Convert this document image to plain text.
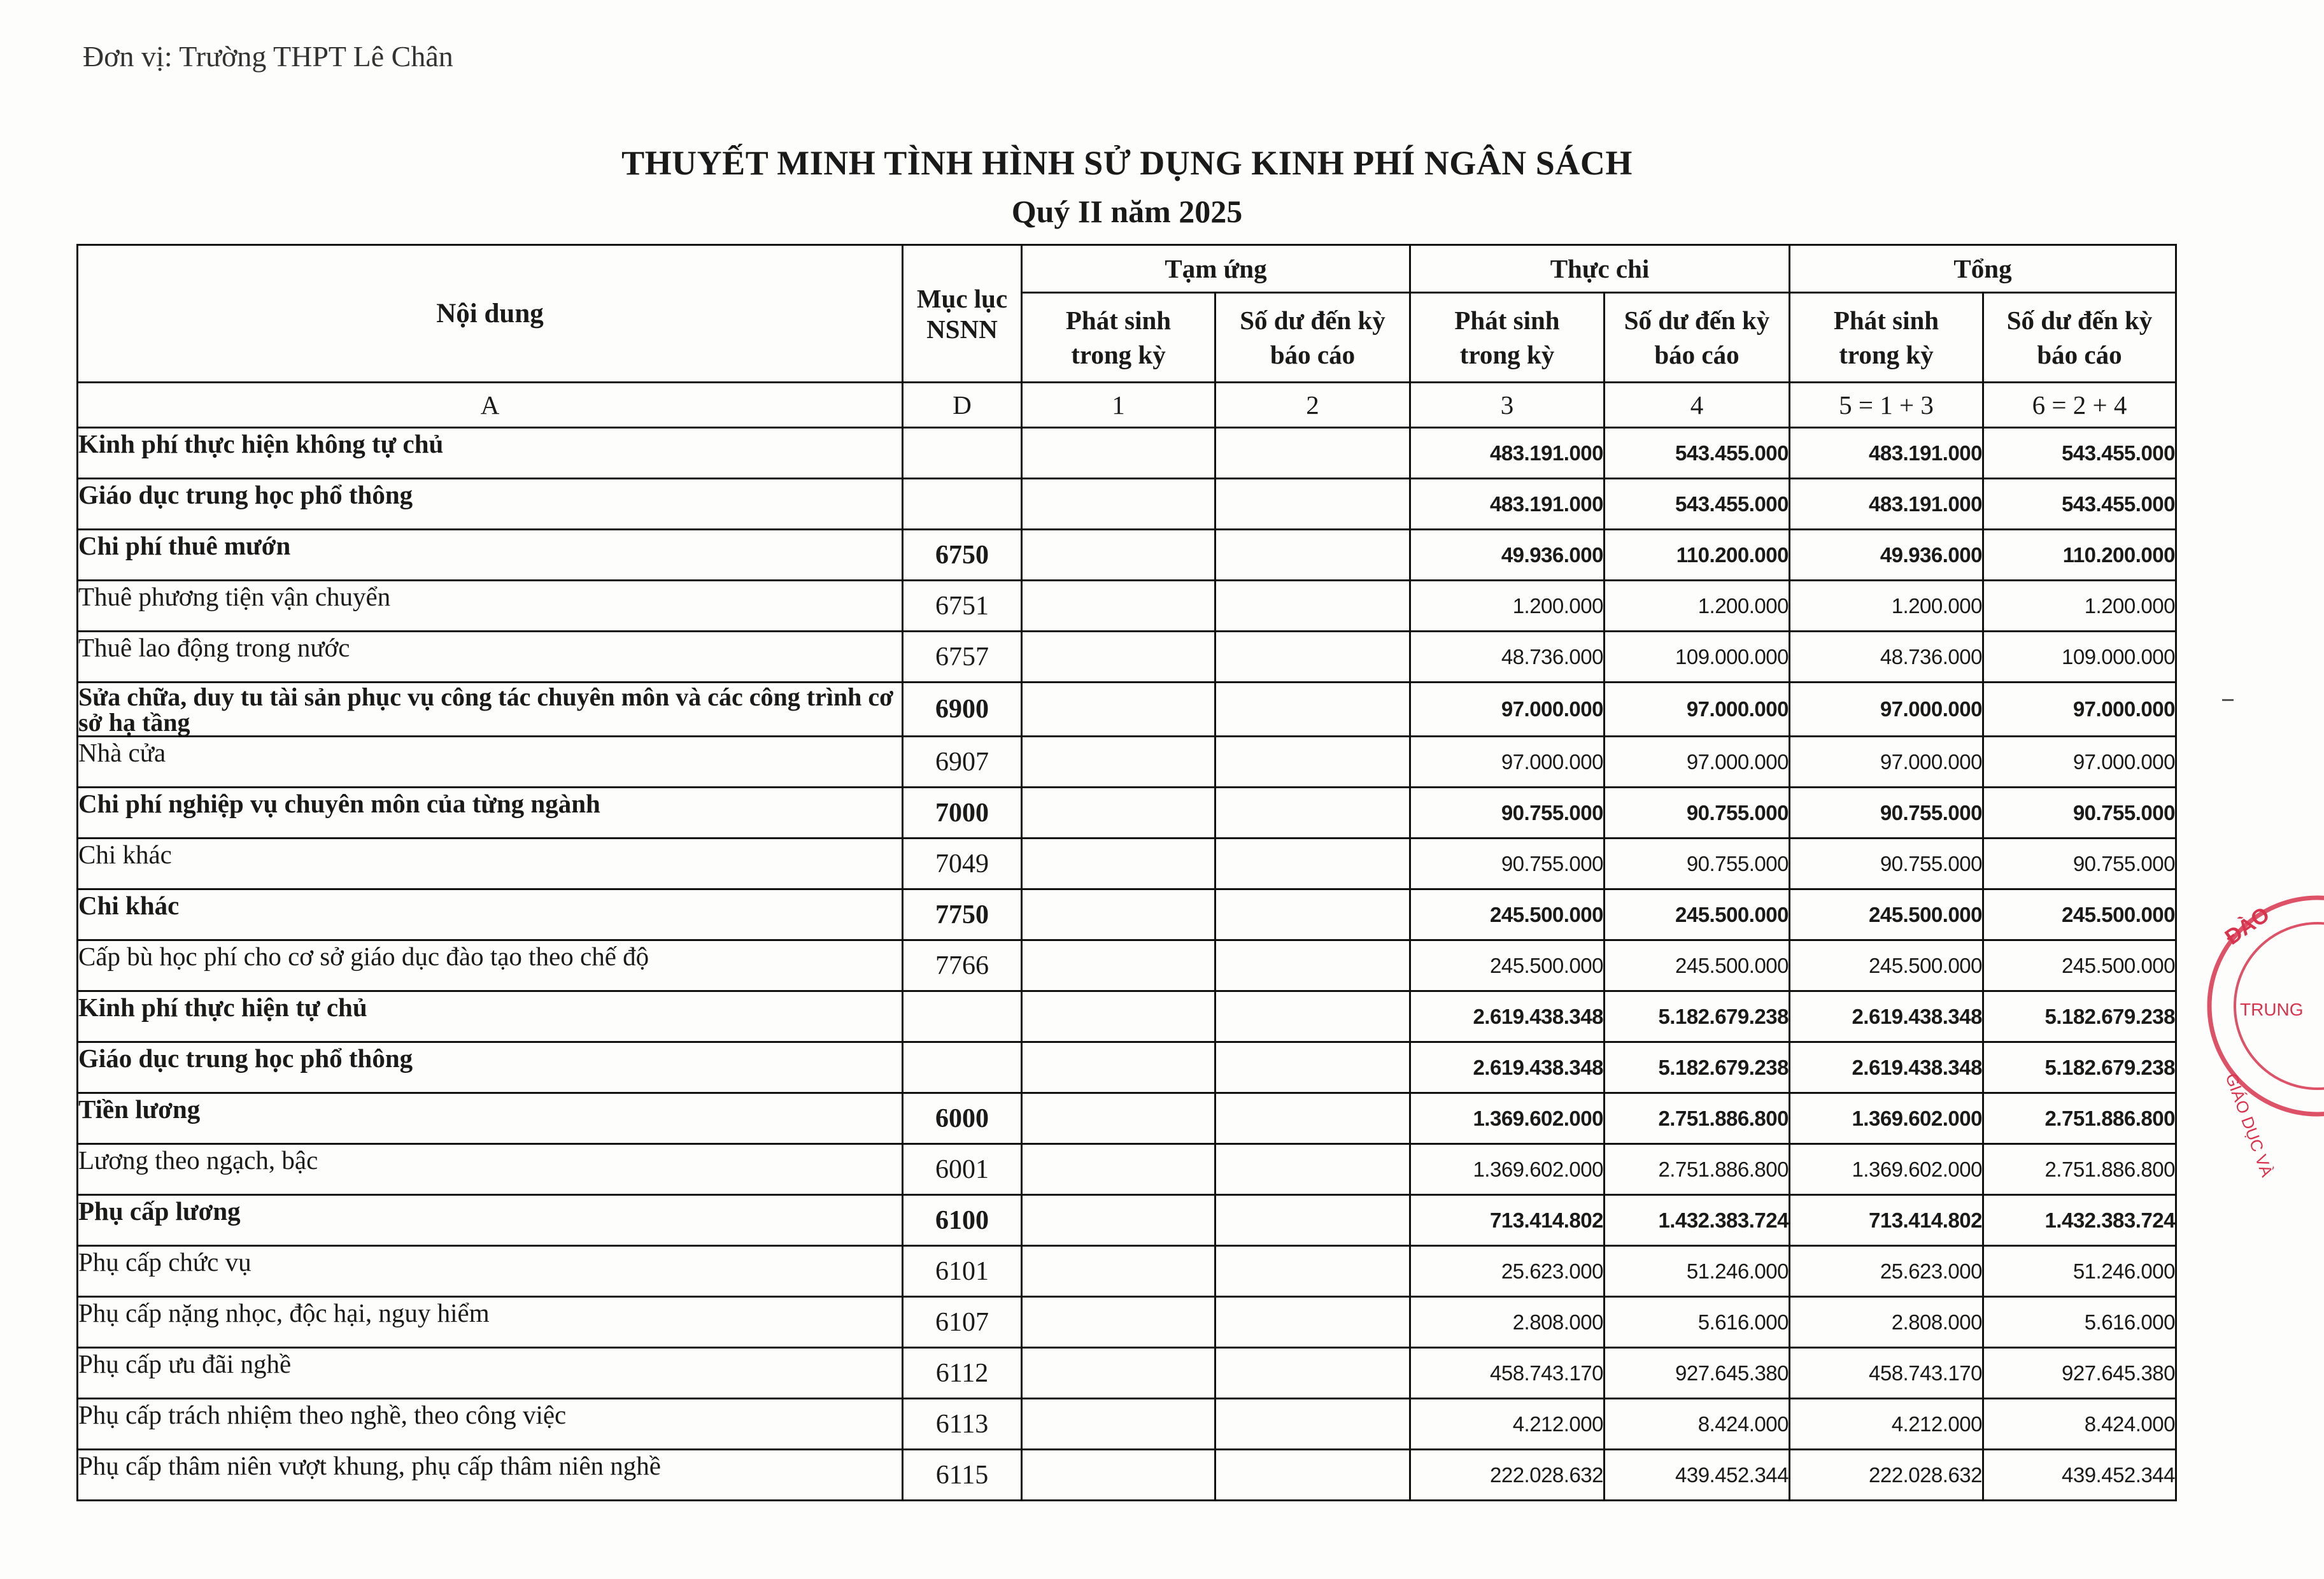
Đơn vị: Trường THPT Lê Chân
THUYẾT MINH TÌNH HÌNH SỬ DỤNG KINH PHÍ NGÂN SÁCH
Quý II năm 2025
Nội dung	Mục lục NSNN	Tạm ứng		Thực chi		Tổng	
		Phát sinh trong kỳ	Số dư đến kỳ báo cáo	Phát sinh trong kỳ	Số dư đến kỳ báo cáo	Phát sinh trong kỳ	Số dư đến kỳ báo cáo
A	D	1	2	3	4	5 = 1 + 3	6 = 2 + 4
Kinh phí thực hiện không tự chủ				483.191.000	543.455.000	483.191.000	543.455.000
Giáo dục trung học phổ thông				483.191.000	543.455.000	483.191.000	543.455.000
Chi phí thuê mướn	6750			49.936.000	110.200.000	49.936.000	110.200.000
Thuê phương tiện vận chuyển	6751			1.200.000	1.200.000	1.200.000	1.200.000
Thuê lao động trong nước	6757			48.736.000	109.000.000	48.736.000	109.000.000
Sửa chữa, duy tu tài sản phục vụ công tác chuyên môn và các công trình cơ sở hạ tầng	6900			97.000.000	97.000.000	97.000.000	97.000.000
Nhà cửa	6907			97.000.000	97.000.000	97.000.000	97.000.000
Chi phí nghiệp vụ chuyên môn của từng ngành	7000			90.755.000	90.755.000	90.755.000	90.755.000
Chi khác	7049			90.755.000	90.755.000	90.755.000	90.755.000
Chi khác	7750			245.500.000	245.500.000	245.500.000	245.500.000
Cấp bù học phí cho cơ sở giáo dục đào tạo theo chế độ	7766			245.500.000	245.500.000	245.500.000	245.500.000
Kinh phí thực hiện tự chủ				2.619.438.348	5.182.679.238	2.619.438.348	5.182.679.238
Giáo dục trung học phổ thông				2.619.438.348	5.182.679.238	2.619.438.348	5.182.679.238
Tiền lương	6000			1.369.602.000	2.751.886.800	1.369.602.000	2.751.886.800
Lương theo ngạch, bậc	6001			1.369.602.000	2.751.886.800	1.369.602.000	2.751.886.800
Phụ cấp lương	6100			713.414.802	1.432.383.724	713.414.802	1.432.383.724
Phụ cấp chức vụ	6101			25.623.000	51.246.000	25.623.000	51.246.000
Phụ cấp nặng nhọc, độc hại, nguy hiểm	6107			2.808.000	5.616.000	2.808.000	5.616.000
Phụ cấp ưu đãi nghề	6112			458.743.170	927.645.380	458.743.170	927.645.380
Phụ cấp trách nhiệm theo nghề, theo công việc	6113			4.212.000	8.424.000	4.212.000	8.424.000
Phụ cấp thâm niên vượt khung, phụ cấp thâm niên nghề	6115			222.028.632	439.452.344	222.028.632	439.452.344
ĐÀO
TRUNG
GIÁO DỤC VÀ
